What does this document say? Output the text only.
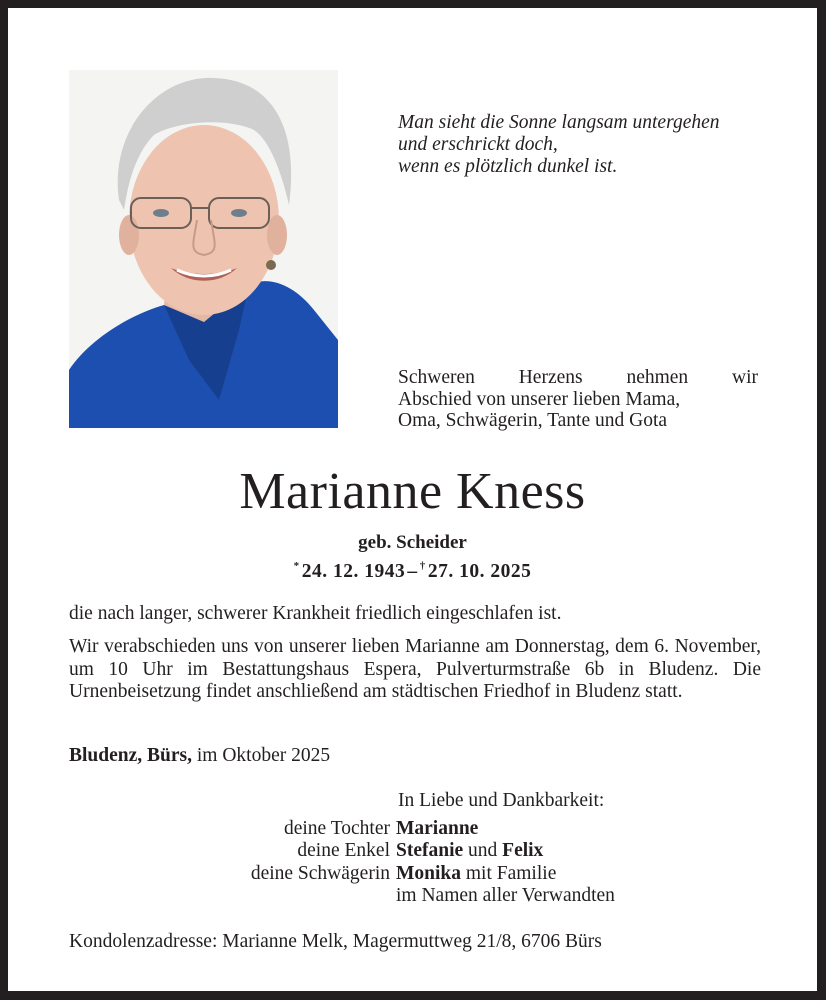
Man sieht die Sonne langsam untergehen
und erschrickt doch,
wenn es plötzlich dunkel ist.
Schweren Herzens nehmen wir
Abschied von unserer lieben Mama,
Oma, Schwägerin, Tante und Gota
Marianne Kness
geb. Scheider
*  24. 12. 1943  –  †  27. 10. 2025
die nach langer, schwerer Krankheit friedlich eingeschlafen ist.
Wir verabschieden uns von unserer lieben Marianne am Donnerstag, dem 6. November, um 10 Uhr im Bestattungshaus Espera, Pulverturmstraße 6b in Bludenz. Die Urnenbeisetzung findet anschließend am städtischen Friedhof in Bludenz statt.
Bludenz, Bürs, im Oktober 2025
In Liebe und Dankbarkeit:
deine Tochter Marianne
deine Enkel Stefanie und Felix
deine Schwägerin Monika mit Familie
im Namen aller Verwandten
Kondolenzadresse: Marianne Melk, Magermuttweg 21/8, 6706 Bürs
